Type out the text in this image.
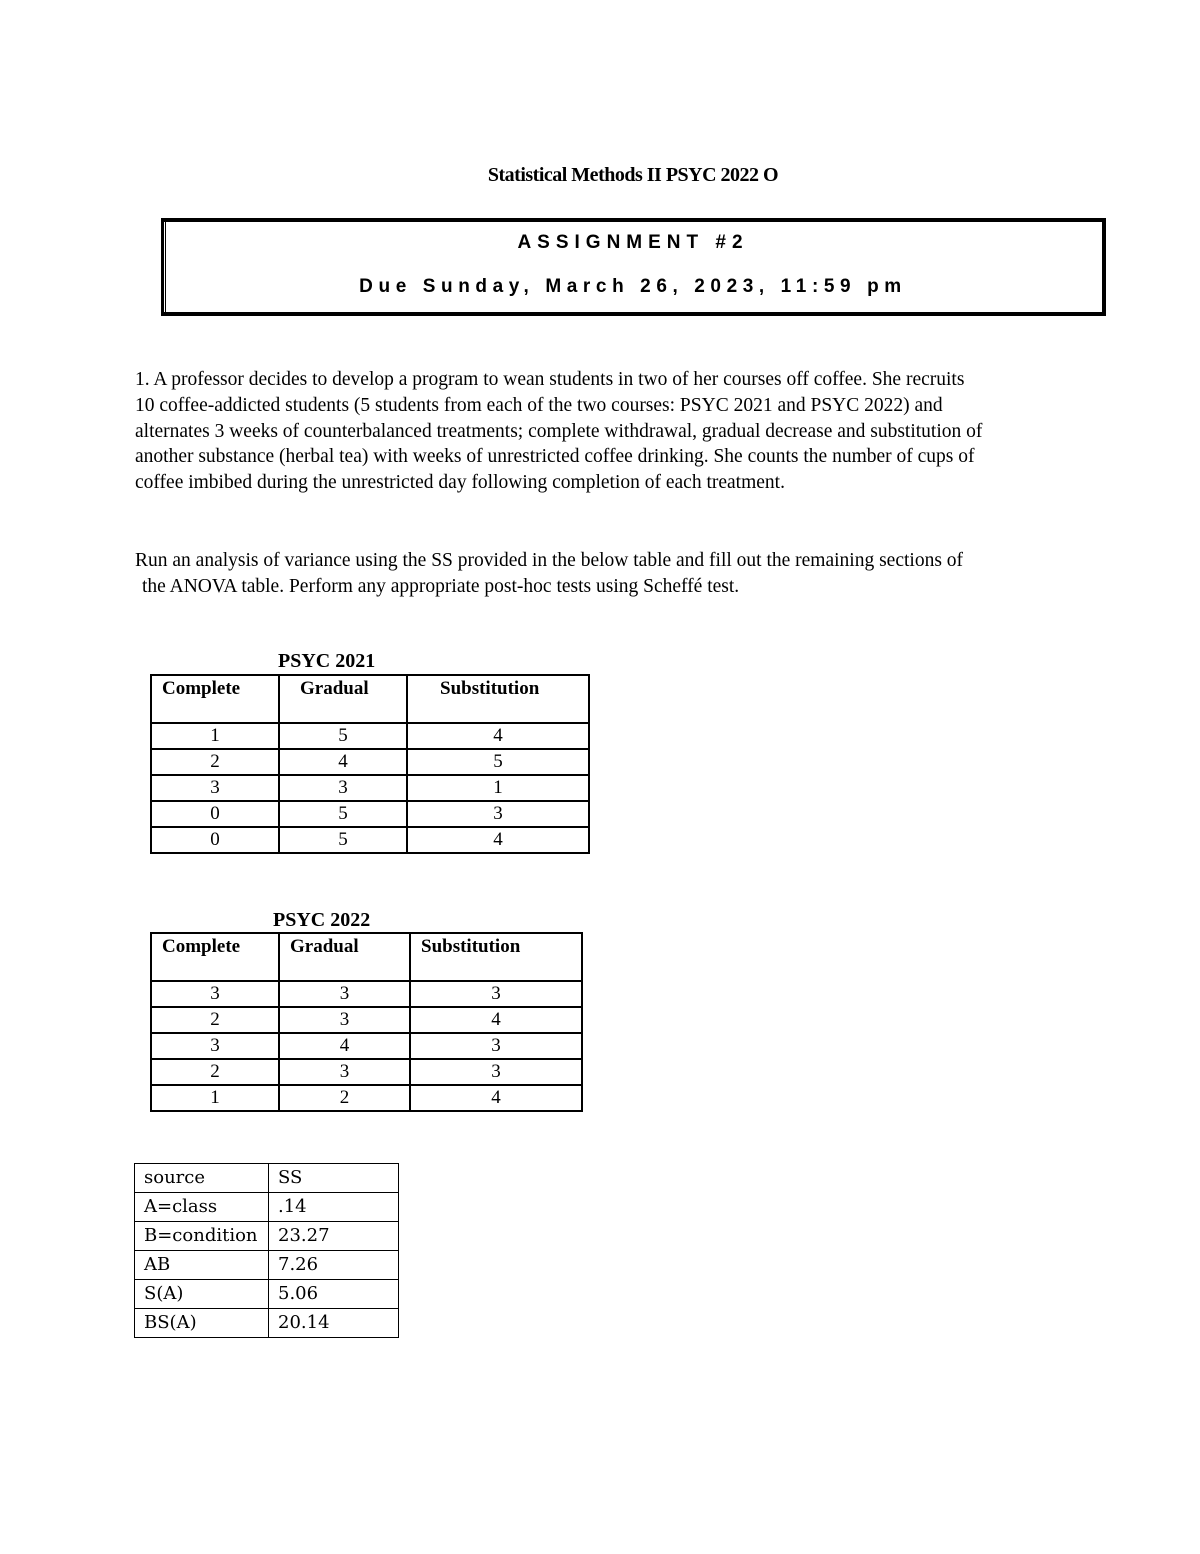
Statistical Methods II PSYC 2022 O
ASSIGNMENT #2
Due Sunday, March 26, 2023, 11:59 pm
1. A professor decides to develop a program to wean students in two of her courses off coffee. She recruits
10 coffee-addicted students (5 students from each of the two courses: PSYC 2021 and PSYC 2022) and
alternates 3 weeks of counterbalanced treatments; complete withdrawal, gradual decrease and substitution of
another substance (herbal tea) with weeks of unrestricted coffee drinking. She counts the number of cups of
coffee imbibed during the unrestricted day following completion of each treatment.
Run an analysis of variance using the SS provided in the below table and fill out the remaining sections of
the ANOVA table. Perform any appropriate post-hoc tests using Scheffé test.
PSYC 2021
Complete	Gradual	Substitution
1	5	4
2	4	5
3	3	1
0	5	3
0	5	4
PSYC 2022
Complete	Gradual	Substitution
3	3	3
2	3	4
3	4	3
2	3	3
1	2	4
source	SS
A=class	.14
B=condition	23.27
AB	7.26
S(A)	5.06
BS(A)	20.14
